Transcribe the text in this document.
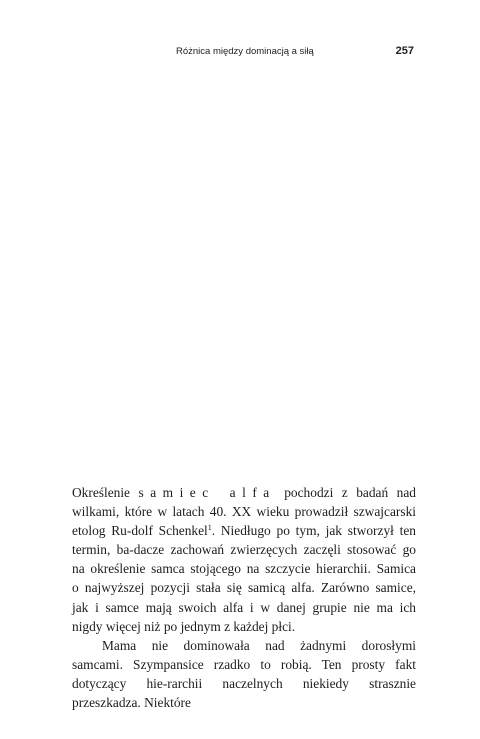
Różnica między dominacją a siłą	257
Określenie samiec alfa pochodzi z badań nad
wilkami, które w latach 40. XX wieku prowadził szwajcarski
etolog Ru-dolf Schenkel$^1$. Niedługo po tym, jak stworzył ten
termin, ba-dacze zachowań zwierzęcych zaczęli stosować go
na określenie samca stojącego na szczycie hierarchii. Samica
o najwyższej pozycji stała się samicą alfa. Zarówno samice,
jak i samce mają swoich alfa i w danej grupie nie ma ich
nigdy więcej niż po jednym z każdej płci.
Mama nie dominowała nad żadnymi dorosłymi
samcami. Szympansice rzadko to robią. Ten prosty fakt
dotyczący hie-rarchii naczelnych niekiedy strasznie
przeszkadza. Niektóre
